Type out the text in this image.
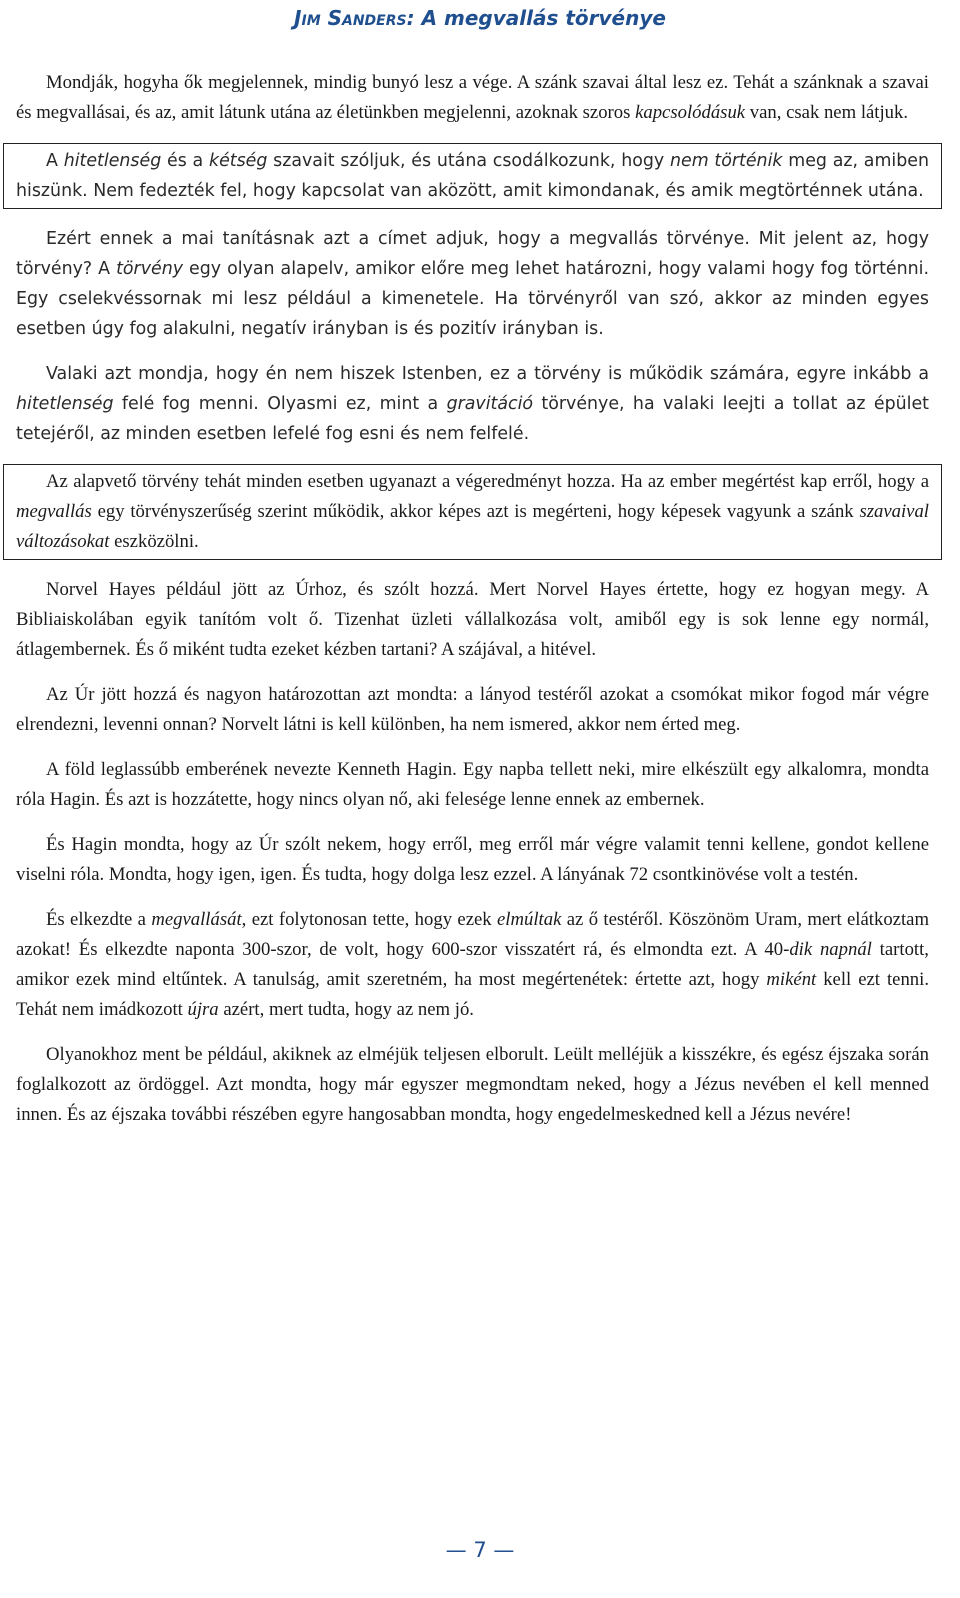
Jim Sanders: A megvallás törvénye

Mondják, hogyha ők megjelennek, mindig bunyó lesz a vége. A szánk szavai által lesz ez. Tehát a szánknak a szavai és megvallásai, és az, amit látunk utána az életünkben megjelenni, azoknak szoros kapcsolódásuk van, csak nem látjuk.

A hitetlenség és a kétség szavait szóljuk, és utána csodálkozunk, hogy nem történik meg az, amiben hiszünk. Nem fedezték fel, hogy kapcsolat van aközött, amit kimondanak, és amik megtörténnek utána.

Ezért ennek a mai tanításnak azt a címet adjuk, hogy a megvallás törvénye. Mit jelent az, hogy törvény? A törvény egy olyan alapelv, amikor előre meg lehet határozni, hogy valami hogy fog történni. Egy cselekvéssornak mi lesz például a kimenetele. Ha törvényről van szó, akkor az minden egyes esetben úgy fog alakulni, negatív irányban is és pozitív irányban is.

Valaki azt mondja, hogy én nem hiszek Istenben, ez a törvény is működik számára, egyre inkább a hitetlenség felé fog menni. Olyasmi ez, mint a gravitáció törvénye, ha valaki leejti a tollat az épület tetejéről, az minden esetben lefelé fog esni és nem felfelé.

Az alapvető törvény tehát minden esetben ugyanazt a végeredményt hozza. Ha az ember megértést kap erről, hogy a megvallás egy törvényszerűség szerint működik, akkor képes azt is megérteni, hogy képesek vagyunk a szánk szavaival változásokat eszközölni.

Norvel Hayes például jött az Úrhoz, és szólt hozzá. Mert Norvel Hayes értette, hogy ez hogyan megy. A Bibliaiskolában egyik tanítóm volt ő. Tizenhat üzleti vállalkozása volt, amiből egy is sok lenne egy normál, átlagembernek. És ő miként tudta ezeket kézben tartani? A szájával, a hitével.

Az Úr jött hozzá és nagyon határozottan azt mondta: a lányod testéről azokat a csomókat mikor fogod már végre elrendezni, levenni onnan? Norvelt látni is kell különben, ha nem ismered, akkor nem érted meg.

A föld leglassúbb emberének nevezte Kenneth Hagin. Egy napba tellett neki, mire elkészült egy alkalomra, mondta róla Hagin. És azt is hozzátette, hogy nincs olyan nő, aki felesége lenne ennek az embernek.

És Hagin mondta, hogy az Úr szólt nekem, hogy erről, meg erről már végre valamit tenni kellene, gondot kellene viselni róla. Mondta, hogy igen, igen. És tudta, hogy dolga lesz ezzel. A lányának 72 csontkinövése volt a testén.

És elkezdte a megvallását, ezt folytonosan tette, hogy ezek elmúltak az ő testéről. Köszönöm Uram, mert elátkoztam azokat! És elkezdte naponta 300-szor, de volt, hogy 600-szor visszatért rá, és elmondta ezt. A 40-dik napnál tartott, amikor ezek mind eltűntek. A tanulság, amit szeretném, ha most megértenétek: értette azt, hogy miként kell ezt tenni. Tehát nem imádkozott újra azért, mert tudta, hogy az nem jó.

Olyanokhoz ment be például, akiknek az elméjük teljesen elborult. Leült melléjük a kisszékre, és egész éjszaka során foglalkozott az ördöggel. Azt mondta, hogy már egyszer megmondtam neked, hogy a Jézus nevében el kell menned innen. És az éjszaka további részében egyre hangosabban mondta, hogy engedelmeskedned kell a Jézus nevére!

— 7 —
